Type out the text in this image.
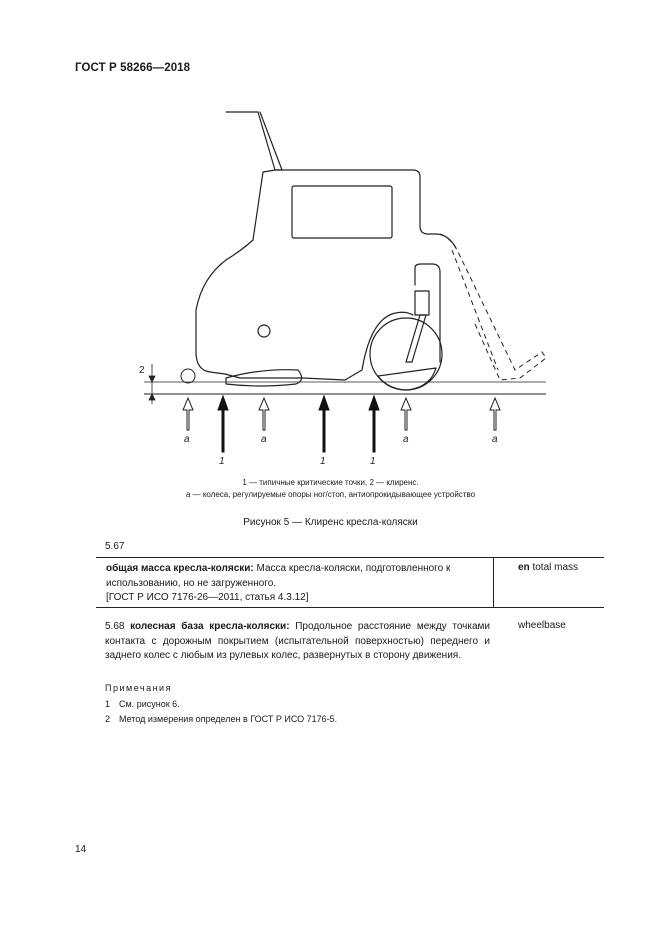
ГОСТ Р 58266—2018
2
a
1
a
1	1
a	a
1 — типичные критические точки, 2 — клиренс.
a — колеса, регулируемые опоры ног/стоп, антиопрокидывающее устройство
Рисунок 5 — Клиренс кресла-коляски
5.67
общая масса кресла-коляски: Масса кресла-коляски, подготовленного к использованию, но не загруженного.
[ГОСТ Р ИСО 7176-26—2011, статья 4.3.12]
en total mass
5.68 колесная база кресла-коляски: Продольное расстояние между точками контакта с дорожным покрытием (испытательной поверхностью) переднего и заднего колес с любым из рулевых колес, развернутых в сторону движения.
wheelbase
Примечания
1 См. рисунок 6.
2 Метод измерения определен в ГОСТ Р ИСО 7176-5.
14
